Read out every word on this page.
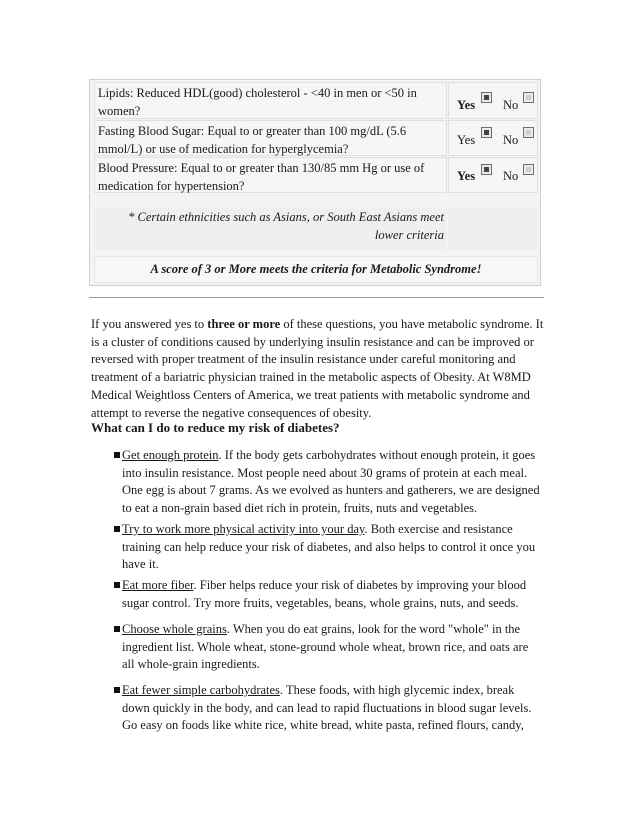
Lipids: Reduced HDL(good) cholesterol - <40 in men or <50 in women?	Yes No
Fasting Blood Sugar: Equal to or greater than 100 mg/dL (5.6 mmol/L) or use of medication for hyperglycemia?
Yes No
Blood Pressure: Equal to or greater than 130/85 mm Hg or use of medication for hypertension?
Yes No
* Certain ethnicities such as Asians, or South East Asians meet lower criteria
A score of 3 or More meets the criteria for Metabolic Syndrome!

If you answered yes to three or more of these questions, you have metabolic syndrome. It is a cluster of conditions caused by underlying insulin resistance and can be improved or reversed with proper treatment of the insulin resistance under careful monitoring and treatment of a bariatric physician trained in the metabolic aspects of Obesity. At W8MD Medical Weightloss Centers of America, we treat patients with metabolic syndrome and attempt to reverse the negative consequences of obesity.

What can I do to reduce my risk of diabetes?
Get enough protein. If the body gets carbohydrates without enough protein, it goes into insulin resistance. Most people need about 30 grams of protein at each meal. One egg is about 7 grams. As we evolved as hunters and gatherers, we are designed to eat a non-grain based diet rich in protein, fruits, nuts and vegetables.
Try to work more physical activity into your day. Both exercise and resistance training can help reduce your risk of diabetes, and also helps to control it once you have it.
Eat more fiber. Fiber helps reduce your risk of diabetes by improving your blood sugar control. Try more fruits, vegetables, beans, whole grains, nuts, and seeds.
Choose whole grains. When you do eat grains, look for the word "whole" in the ingredient list. Whole wheat, stone-ground whole wheat, brown rice, and oats are all whole-grain ingredients.
Eat fewer simple carbohydrates. These foods, with high glycemic index, break down quickly in the body, and can lead to rapid fluctuations in blood sugar levels. Go easy on foods like white rice, white bread, white pasta, refined flours, candy,
